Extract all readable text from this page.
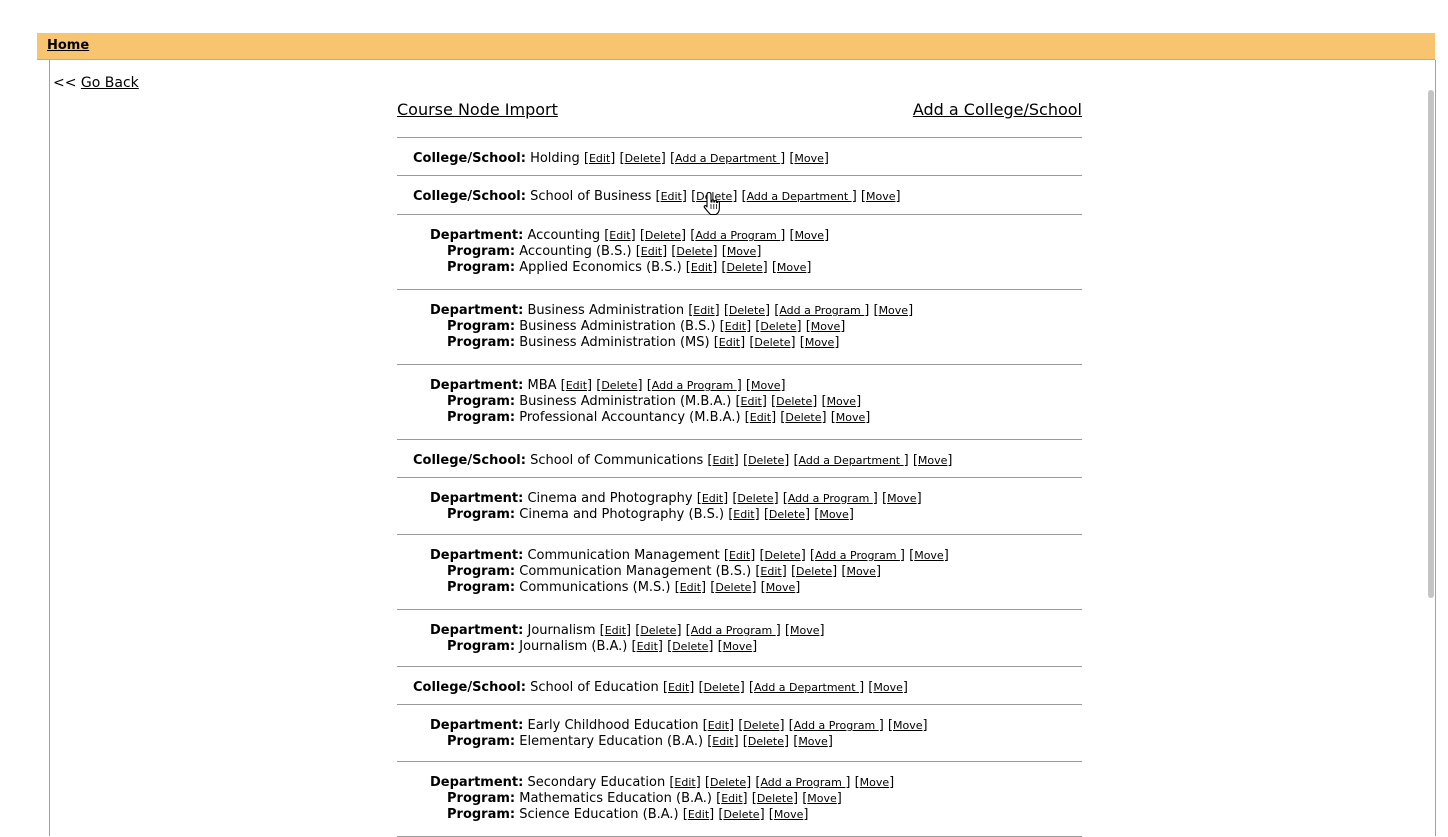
Home
<< Go Back
Course Node Import	Add a College/School
College/School: Holding [Edit] [Delete] [Add a Department ] [Move]
College/School: School of Business [Edit] [Delete] [Add a Department ] [Move]
Department: Accounting [Edit] [Delete] [Add a Program ] [Move]
Program: Accounting (B.S.) [Edit] [Delete] [Move]
Program: Applied Economics (B.S.) [Edit] [Delete] [Move]
Department: Business Administration [Edit] [Delete] [Add a Program ] [Move]
Program: Business Administration (B.S.) [Edit] [Delete] [Move]
Program: Business Administration (MS) [Edit] [Delete] [Move]
Department: MBA [Edit] [Delete] [Add a Program ] [Move]
Program: Business Administration (M.B.A.) [Edit] [Delete] [Move]
Program: Professional Accountancy (M.B.A.) [Edit] [Delete] [Move]
College/School: School of Communications [Edit] [Delete] [Add a Department ] [Move]
Department: Cinema and Photography [Edit] [Delete] [Add a Program ] [Move]
Program: Cinema and Photography (B.S.) [Edit] [Delete] [Move]
Department: Communication Management [Edit] [Delete] [Add a Program ] [Move]
Program: Communication Management (B.S.) [Edit] [Delete] [Move]
Program: Communications (M.S.) [Edit] [Delete] [Move]
Department: Journalism [Edit] [Delete] [Add a Program ] [Move]
Program: Journalism (B.A.) [Edit] [Delete] [Move]
College/School: School of Education [Edit] [Delete] [Add a Department ] [Move]
Department: Early Childhood Education [Edit] [Delete] [Add a Program ] [Move]
Program: Elementary Education (B.A.) [Edit] [Delete] [Move]
Department: Secondary Education [Edit] [Delete] [Add a Program ] [Move]
Program: Mathematics Education (B.A.) [Edit] [Delete] [Move]
Program: Science Education (B.A.) [Edit] [Delete] [Move]
